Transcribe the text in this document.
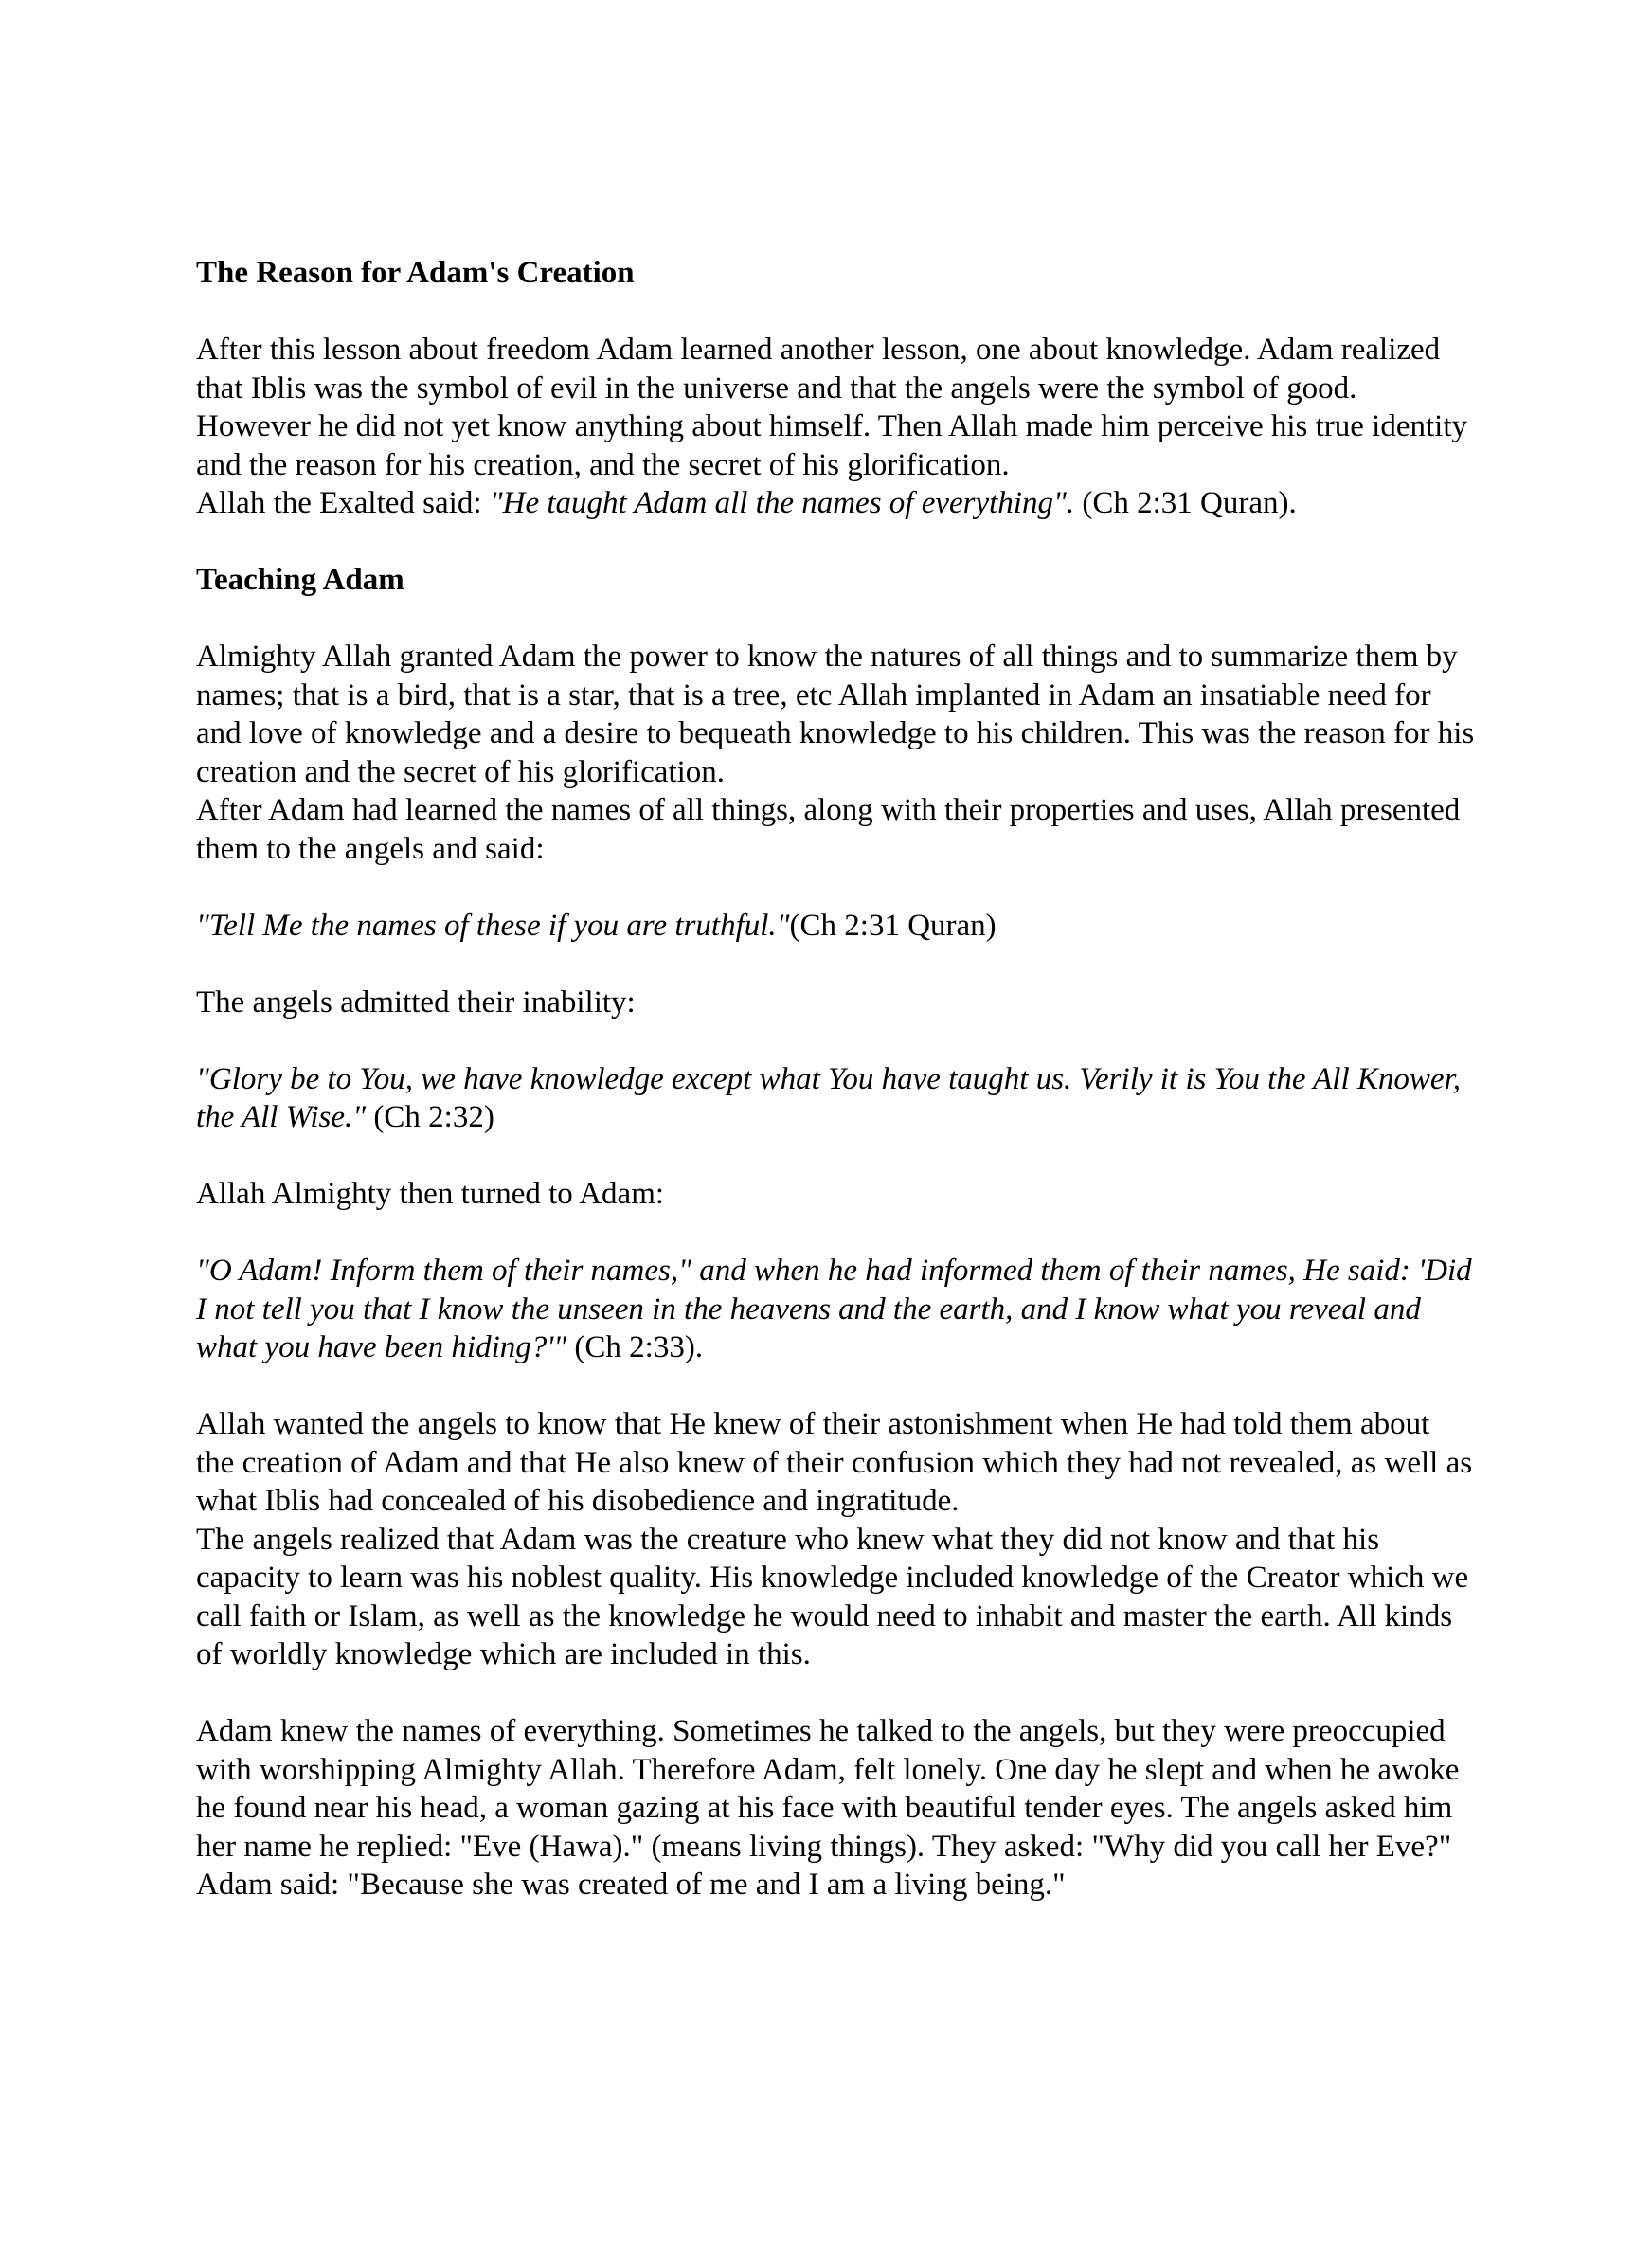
The Reason for Adam's Creation

After this lesson about freedom Adam learned another lesson, one about knowledge. Adam realized that Iblis was the symbol of evil in the universe and that the angels were the symbol of good. However he did not yet know anything about himself. Then Allah made him perceive his true identity and the reason for his creation, and the secret of his glorification.
Allah the Exalted said: "He taught Adam all the names of everything". (Ch 2:31 Quran).

Teaching Adam

Almighty Allah granted Adam the power to know the natures of all things and to summarize them by names; that is a bird, that is a star, that is a tree, etc Allah implanted in Adam an insatiable need for and love of knowledge and a desire to bequeath knowledge to his children. This was the reason for his creation and the secret of his glorification.
After Adam had learned the names of all things, along with their properties and uses, Allah presented them to the angels and said:

"Tell Me the names of these if you are truthful."(Ch 2:31 Quran)

The angels admitted their inability:

"Glory be to You, we have knowledge except what You have taught us. Verily it is You the All Knower, the All Wise." (Ch 2:32)

Allah Almighty then turned to Adam:

"O Adam! Inform them of their names," and when he had informed them of their names, He said: 'Did I not tell you that I know the unseen in the heavens and the earth, and I know what you reveal and what you have been hiding?'" (Ch 2:33).

Allah wanted the angels to know that He knew of their astonishment when He had told them about the creation of Adam and that He also knew of their confusion which they had not revealed, as well as what Iblis had concealed of his disobedience and ingratitude.
The angels realized that Adam was the creature who knew what they did not know and that his capacity to learn was his noblest quality. His knowledge included knowledge of the Creator which we call faith or Islam, as well as the knowledge he would need to inhabit and master the earth. All kinds of worldly knowledge which are included in this.

Adam knew the names of everything. Sometimes he talked to the angels, but they were preoccupied with worshipping Almighty Allah. Therefore Adam, felt lonely. One day he slept and when he awoke he found near his head, a woman gazing at his face with beautiful tender eyes. The angels asked him her name he replied: "Eve (Hawa)." (means living things). They asked: "Why did you call her Eve?" Adam said: "Because she was created of me and I am a living being."
